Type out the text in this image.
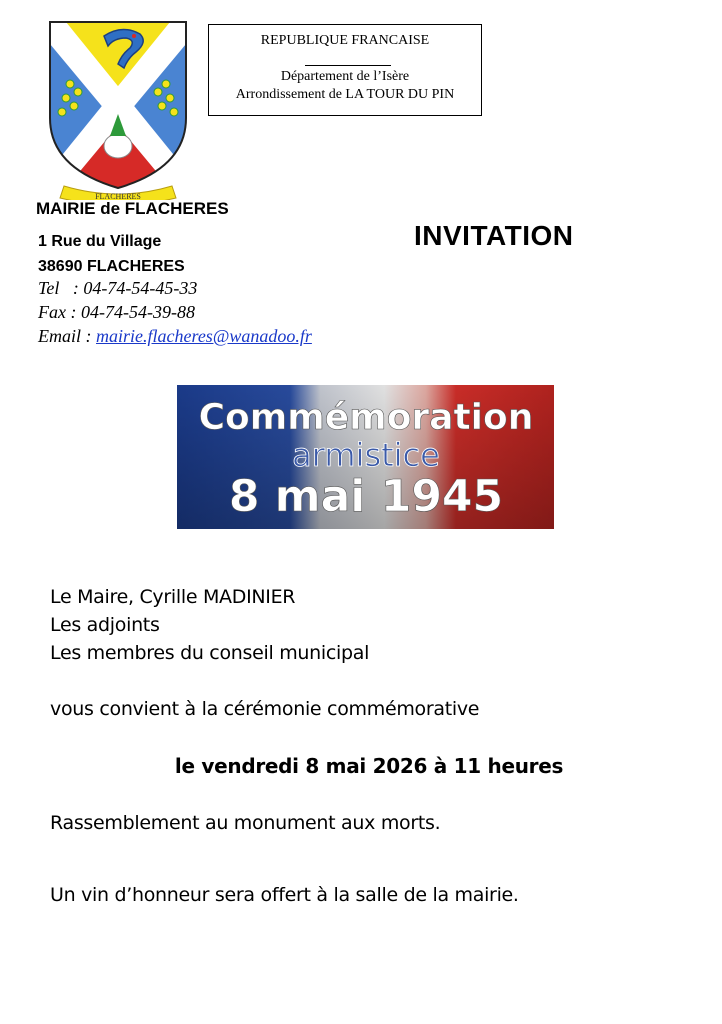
FLACHERES
REPUBLIQUE FRANCAISE
Département de l’Isère
Arrondissement de LA TOUR DU PIN
MAIRIE de FLACHERES
1 Rue du Village
38690 FLACHERES
Tel   : 04-74-54-45-33
Fax : 04-74-54-39-88
Email : mairie.flacheres@wanadoo.fr
INVITATION
Commémoration
armistice
8 mai 1945
Le Maire, Cyrille MADINIER
Les adjoints
Les membres du conseil municipal
vous convient à la cérémonie commémorative
le vendredi 8 mai 2026 à 11 heures
Rassemblement au monument aux morts.
Un vin d’honneur sera offert à la salle de la mairie.
